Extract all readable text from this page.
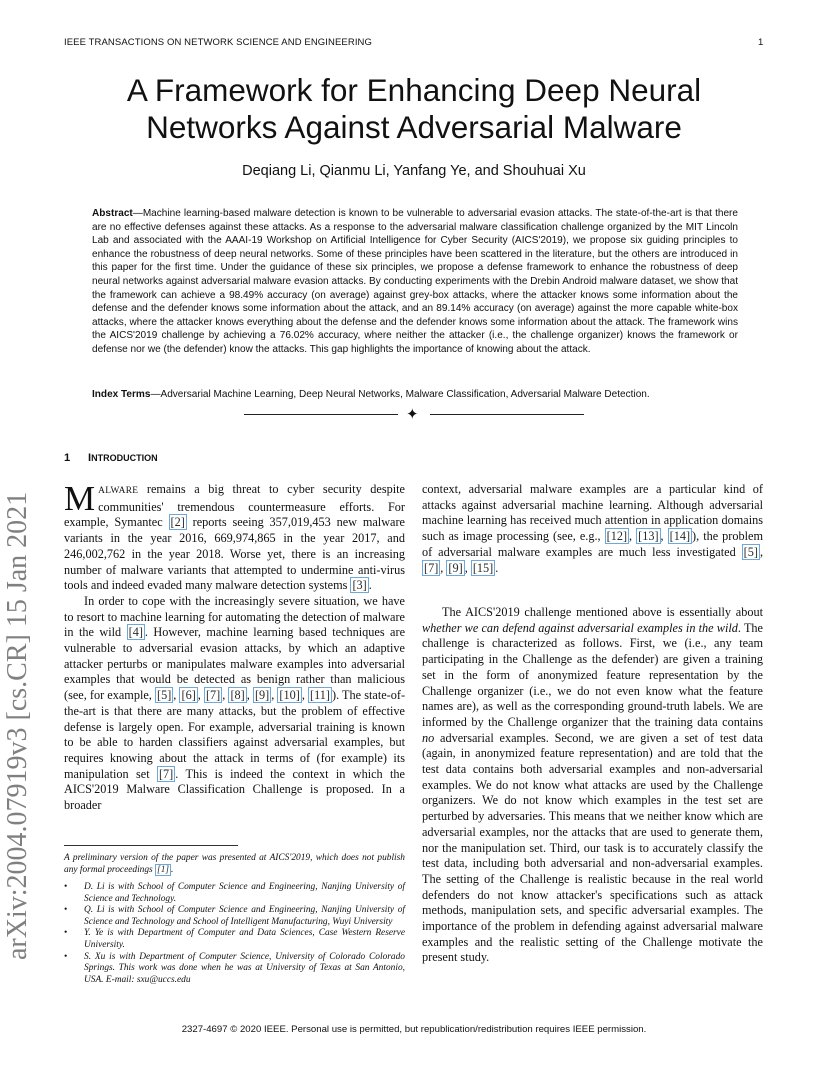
IEEE TRANSACTIONS ON NETWORK SCIENCE AND ENGINEERING	1
arXiv:2004.07919v3 [cs.CR] 15 Jan 2021
A Framework for Enhancing Deep Neural
Networks Against Adversarial Malware
Deqiang Li, Qianmu Li, Yanfang Ye, and Shouhuai Xu
Abstract—Machine learning-based malware detection is known to be vulnerable to adversarial evasion attacks. The state-of-the-art is that there are no effective defenses against these attacks. As a response to the adversarial malware classification challenge organized by the MIT Lincoln Lab and associated with the AAAI-19 Workshop on Artificial Intelligence for Cyber Security (AICS'2019), we propose six guiding principles to enhance the robustness of deep neural networks. Some of these principles have been scattered in the literature, but the others are introduced in this paper for the first time. Under the guidance of these six principles, we propose a defense framework to enhance the robustness of deep neural networks against adversarial malware evasion attacks. By conducting experiments with the Drebin Android malware dataset, we show that the framework can achieve a 98.49% accuracy (on average) against grey-box attacks, where the attacker knows some information about the defense and the defender knows some information about the attack, and an 89.14% accuracy (on average) against the more capable white-box attacks, where the attacker knows everything about the defense and the defender knows some information about the attack. The framework wins the AICS'2019 challenge by achieving a 76.02% accuracy, where neither the attacker (i.e., the challenge organizer) knows the framework or defense nor we (the defender) know the attacks. This gap highlights the importance of knowing about the attack.
Index Terms—Adversarial Machine Learning, Deep Neural Networks, Malware Classification, Adversarial Malware Detection.
✦
1 INTRODUCTION

MALWARE remains a big threat to cyber security despite communities' tremendous countermeasure efforts. For example, Symantec [2] reports seeing 357,019,453 new malware variants in the year 2016, 669,974,865 in the year 2017, and 246,002,762 in the year 2018. Worse yet, there is an increasing number of malware variants that attempted to undermine anti-virus tools and indeed evaded many malware detection systems [3] .

In order to cope with the increasingly severe situation, we have to resort to machine learning for automating the detection of malware in the wild [4] . However, machine learning based techniques are vulnerable to adversarial evasion attacks, by which an adaptive attacker perturbs or manipulates malware examples into adversarial examples that would be detected as benign rather than malicious (see, for example, [5] , [6] , [7] , [8] , [9] , [10] , [11] ). The state-of-the-art is that there are many attacks, but the problem of effective defense is largely open. For example, adversarial training is known to be able to harden classifiers against adversarial examples, but requires knowing about the attack in terms of (for example) its manipulation set [7] . This is indeed the context in which the AICS'2019 Malware Classification Challenge is proposed. In a broader

A preliminary version of the paper was presented at AICS'2019, which does not publish any formal proceedings [1] .
• D. Li is with School of Computer Science and Engineering, Nanjing University of Science and Technology.
• Q. Li is with School of Computer Science and Engineering, Nanjing University of Science and Technology and School of Intelligent Manufacturing, Wuyi University
• Y. Ye is with Department of Computer and Data Sciences, Case Western Reserve University.
• S. Xu is with Department of Computer Science, University of Colorado Colorado Springs. This work was done when he was at University of Texas at San Antonio, USA. E-mail: sxu@uccs.edu

context, adversarial malware examples are a particular kind of attacks against adversarial machine learning. Although adversarial machine learning has received much attention in application domains such as image processing (see, e.g., [12] , [13] , [14] ), the problem of adversarial malware examples are much less investigated [5] , [7] , [9] , [15] .

The AICS'2019 challenge mentioned above is essentially about whether we can defend against adversarial examples in the wild. The challenge is characterized as follows. First, we (i.e., any team participating in the Challenge as the defender) are given a training set in the form of anonymized feature representation by the Challenge organizer (i.e., we do not even know what the feature names are), as well as the corresponding ground-truth labels. We are informed by the Challenge organizer that the training data contains no adversarial examples. Second, we are given a set of test data (again, in anonymized feature representation) and are told that the test data contains both adversarial examples and non-adversarial examples. We do not know what attacks are used by the Challenge organizers. We do not know which examples in the test set are perturbed by adversaries. This means that we neither know which are adversarial examples, nor the attacks that are used to generate them, nor the manipulation set. Third, our task is to accurately classify the test data, including both adversarial and non-adversarial examples. The setting of the Challenge is realistic because in the real world defenders do not know attacker's specifications such as attack methods, manipulation sets, and specific adversarial examples. The importance of the problem in defending against adversarial malware examples and the realistic setting of the Challenge motivate the present study.

2327-4697 © 2020 IEEE. Personal use is permitted, but republication/redistribution requires IEEE permission.
